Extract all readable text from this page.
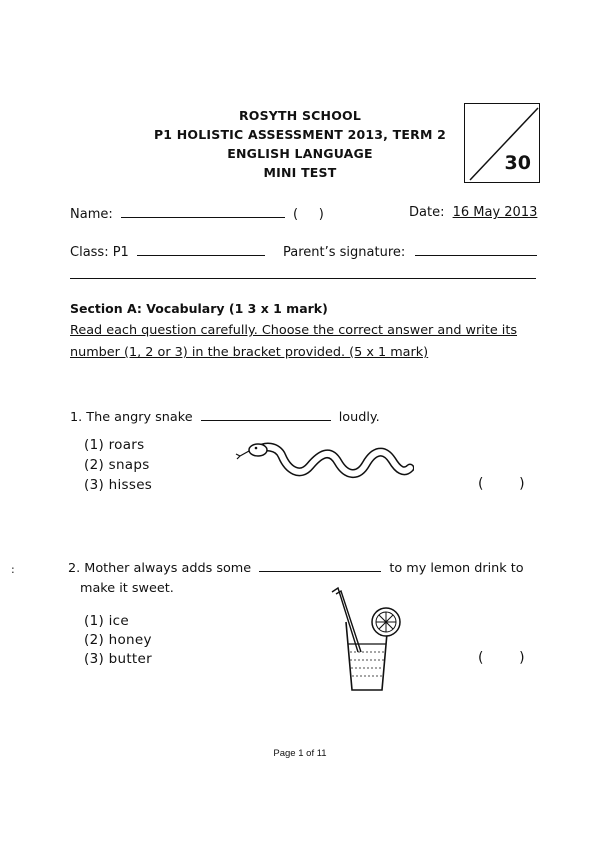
ROSYTH SCHOOL
P1 HOLISTIC ASSESSMENT 2013, TERM 2
ENGLISH LANGUAGE
MINI TEST	30
Name:	(     )	Date: 16 May 2013
Class: P1	Parent’s signature:
Section A: Vocabulary (1 3 x 1 mark)
Read each question carefully. Choose the correct answer and write its
number (1, 2 or 3) in the bracket provided. (5 x 1 mark)
1. The angry snake	loudly.
(1) roars
(2) snaps
(3) hisses	(        )
2. Mother always adds some	to my lemon drink to
make it sweet.
(1) ice
(2) honey
(3) butter	(        )
:
Page 1 of 11
